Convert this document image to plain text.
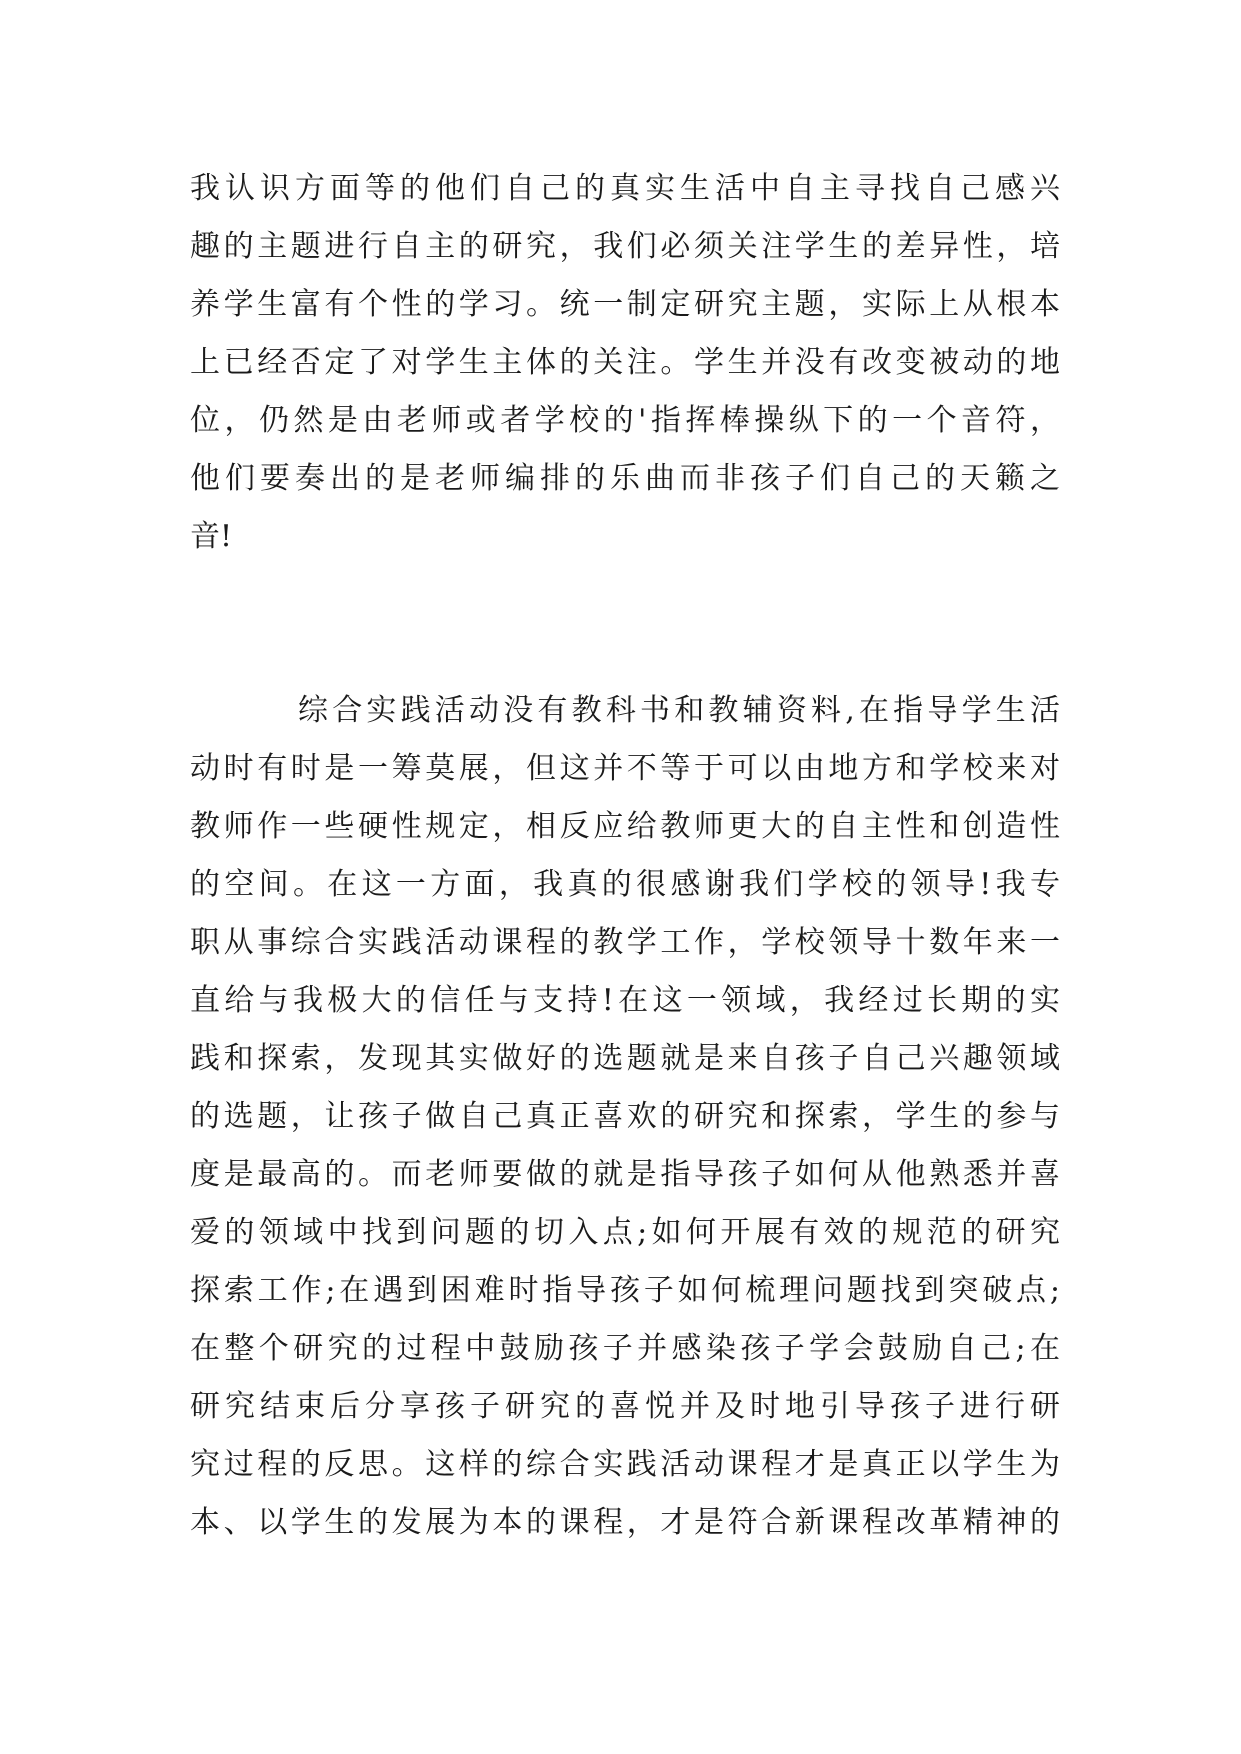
我认识方面等的他们自己的真实生活中自主寻找自己感兴
趣的主题进行自主的研究，我们必须关注学生的差异性，培
养学生富有个性的学习。统一制定研究主题，实际上从根本
上已经否定了对学生主体的关注。学生并没有改变被动的地
位，仍然是由老师或者学校的'指挥棒操纵下的一个音符，
他们要奏出的是老师编排的乐曲而非孩子们自己的天籁之
音!
综合实践活动没有教科书和教辅资料,在指导学生活
动时有时是一筹莫展，但这并不等于可以由地方和学校来对
教师作一些硬性规定，相反应给教师更大的自主性和创造性
的空间。在这一方面，我真的很感谢我们学校的领导!我专
职从事综合实践活动课程的教学工作，学校领导十数年来一
直给与我极大的信任与支持!在这一领域，我经过长期的实
践和探索，发现其实做好的选题就是来自孩子自己兴趣领域
的选题，让孩子做自己真正喜欢的研究和探索，学生的参与
度是最高的。而老师要做的就是指导孩子如何从他熟悉并喜
爱的领域中找到问题的切入点;如何开展有效的规范的研究
探索工作;在遇到困难时指导孩子如何梳理问题找到突破点;
在整个研究的过程中鼓励孩子并感染孩子学会鼓励自己;在
研究结束后分享孩子研究的喜悦并及时地引导孩子进行研
究过程的反思。这样的综合实践活动课程才是真正以学生为
本、以学生的发展为本的课程，才是符合新课程改革精神的
